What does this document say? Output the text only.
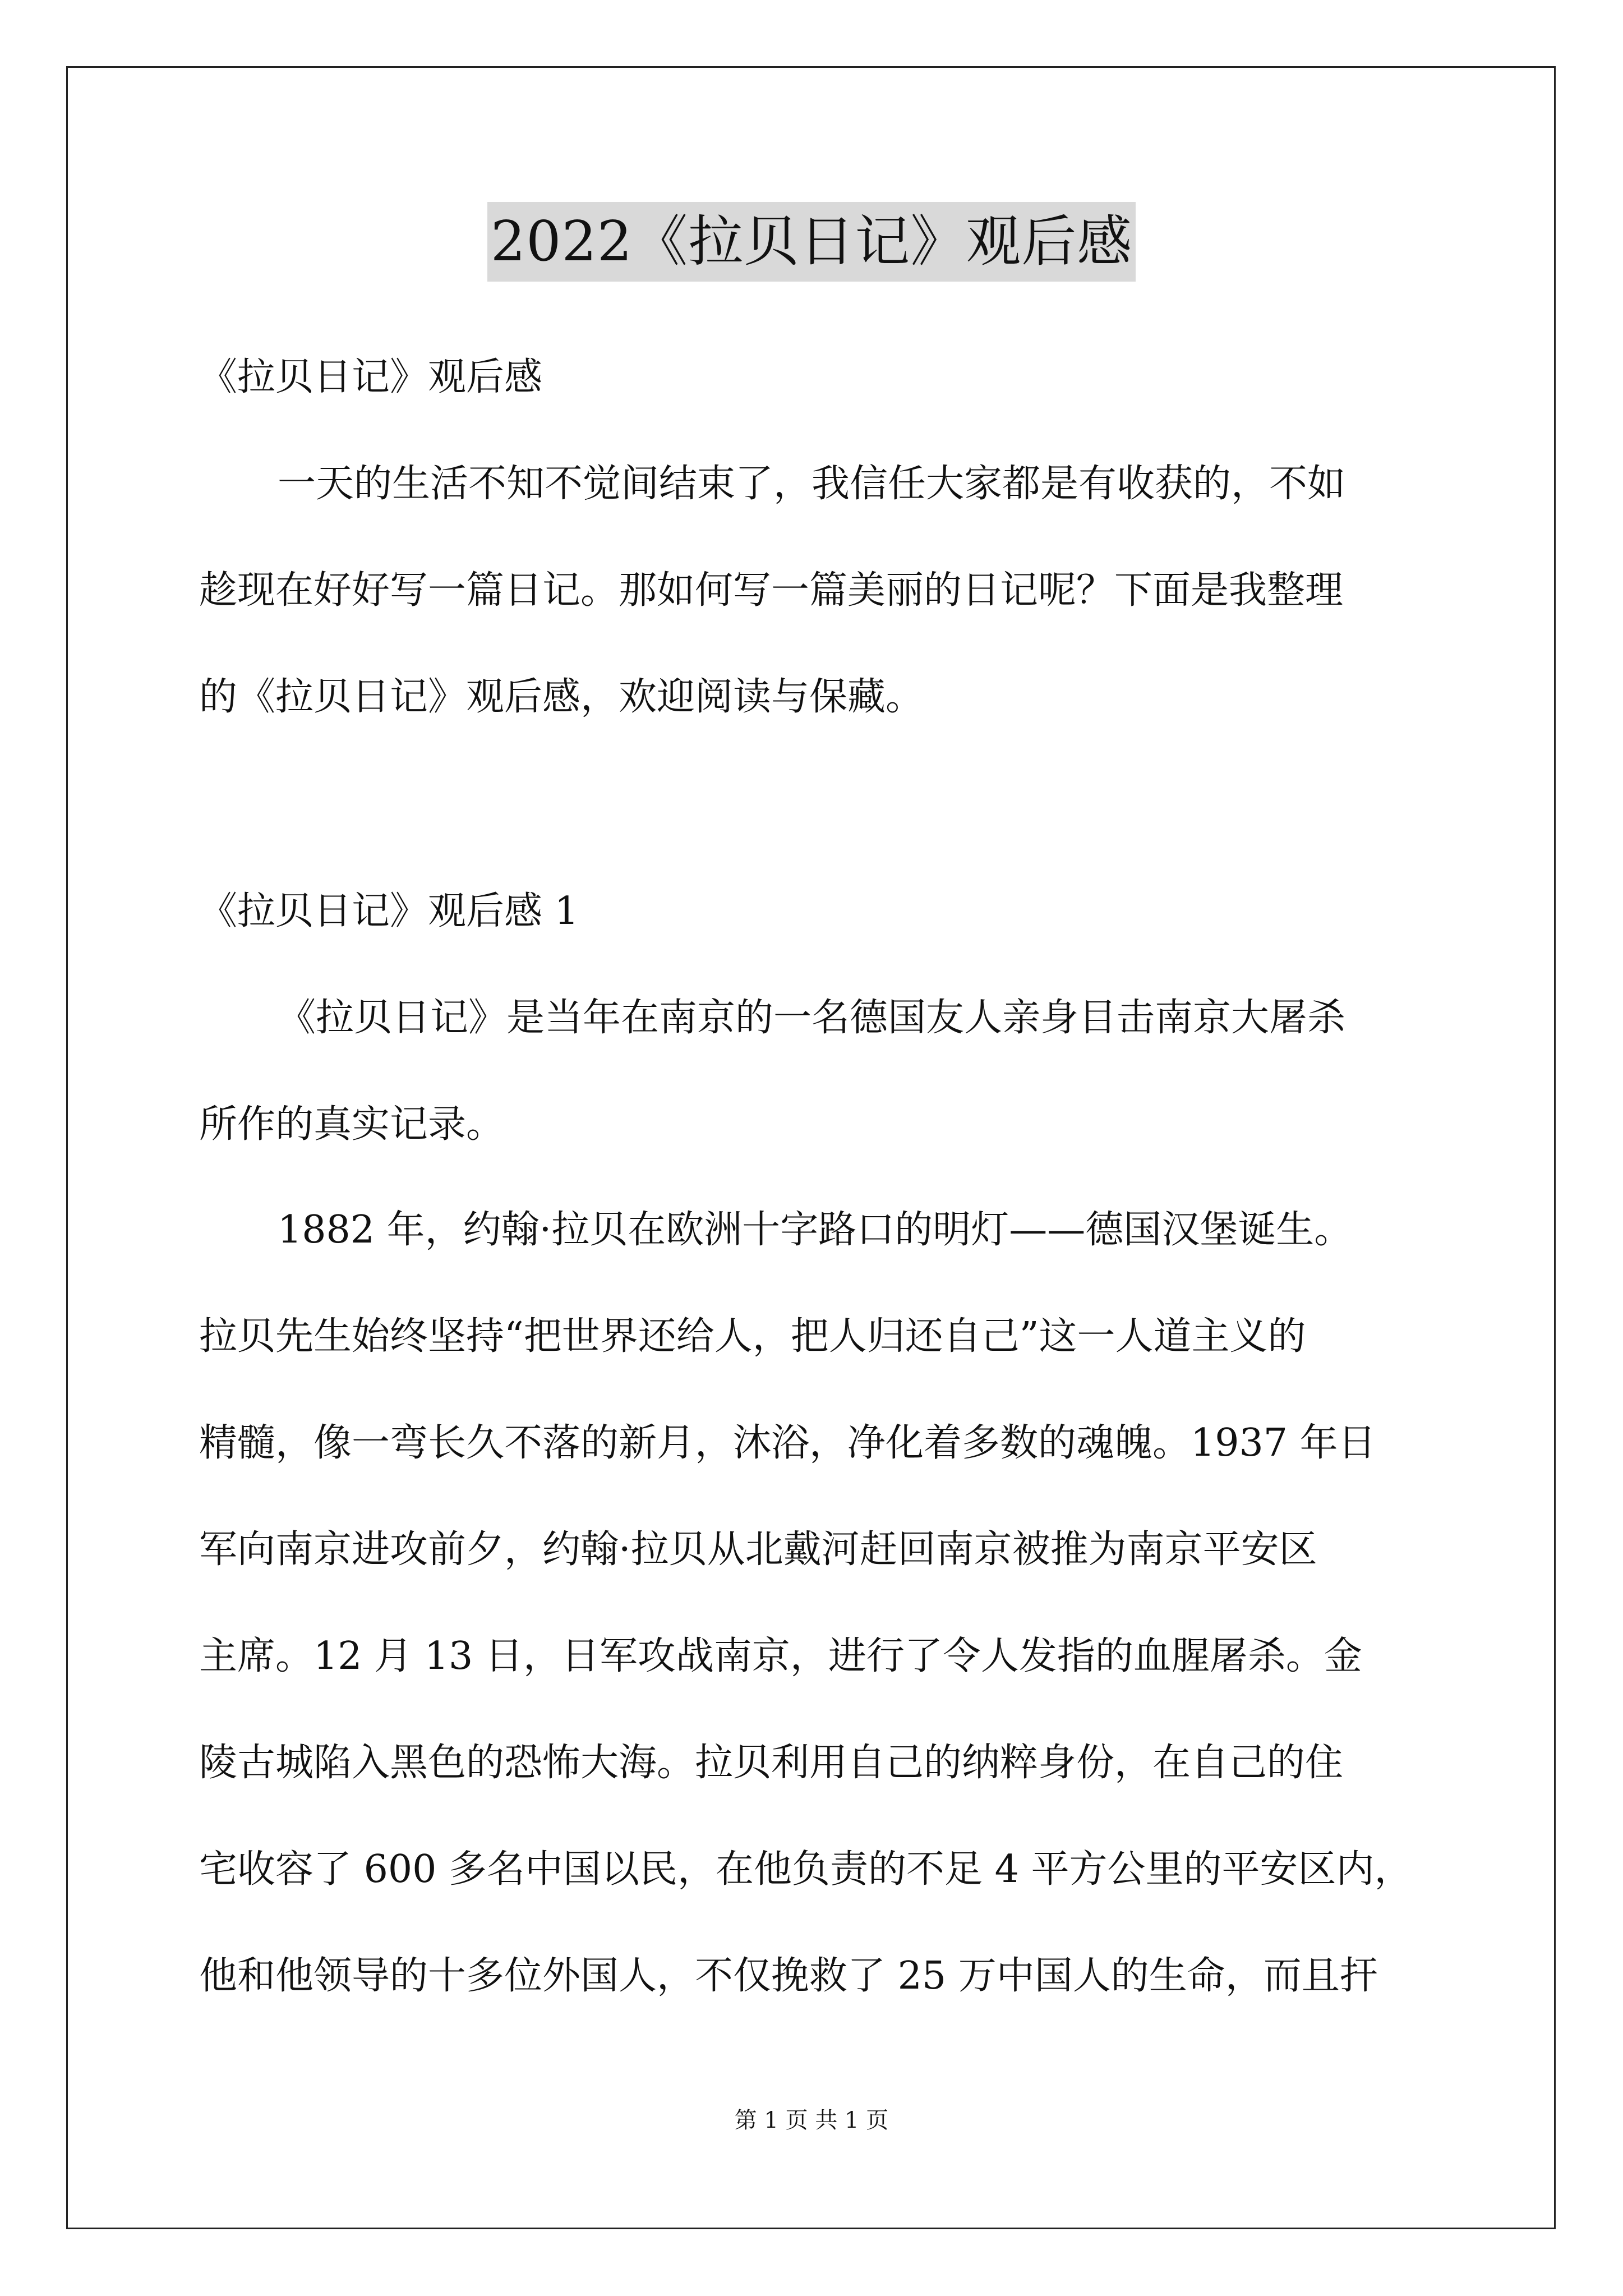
2022《拉贝日记》观后感
《拉贝日记》观后感
一天的生活不知不觉间结束了，我信任大家都是有收获的，不如
趁现在好好写一篇日记。那如何写一篇美丽的日记呢？下面是我整理
的《拉贝日记》观后感，欢迎阅读与保藏。
《拉贝日记》观后感 1
《拉贝日记》是当年在南京的一名德国友人亲身目击南京大屠杀
所作的真实记录。
1882 年，约翰·拉贝在欧洲十字路口的明灯——德国汉堡诞生。
拉贝先生始终坚持“把世界还给人，把人归还自己”这一人道主义的
精髓，像一弯长久不落的新月，沐浴，净化着多数的魂魄。1937 年日
军向南京进攻前夕，约翰·拉贝从北戴河赶回南京被推为南京平安区
主席。12 月 13 日，日军攻战南京，进行了令人发指的血腥屠杀。金
陵古城陷入黑色的恐怖大海。拉贝利用自己的纳粹身份，在自己的住
宅收容了 600 多名中国以民，在他负责的不足 4 平方公里的平安区内，
他和他领导的十多位外国人，不仅挽救了 25 万中国人的生命，而且扞
第 1 页 共 1 页
